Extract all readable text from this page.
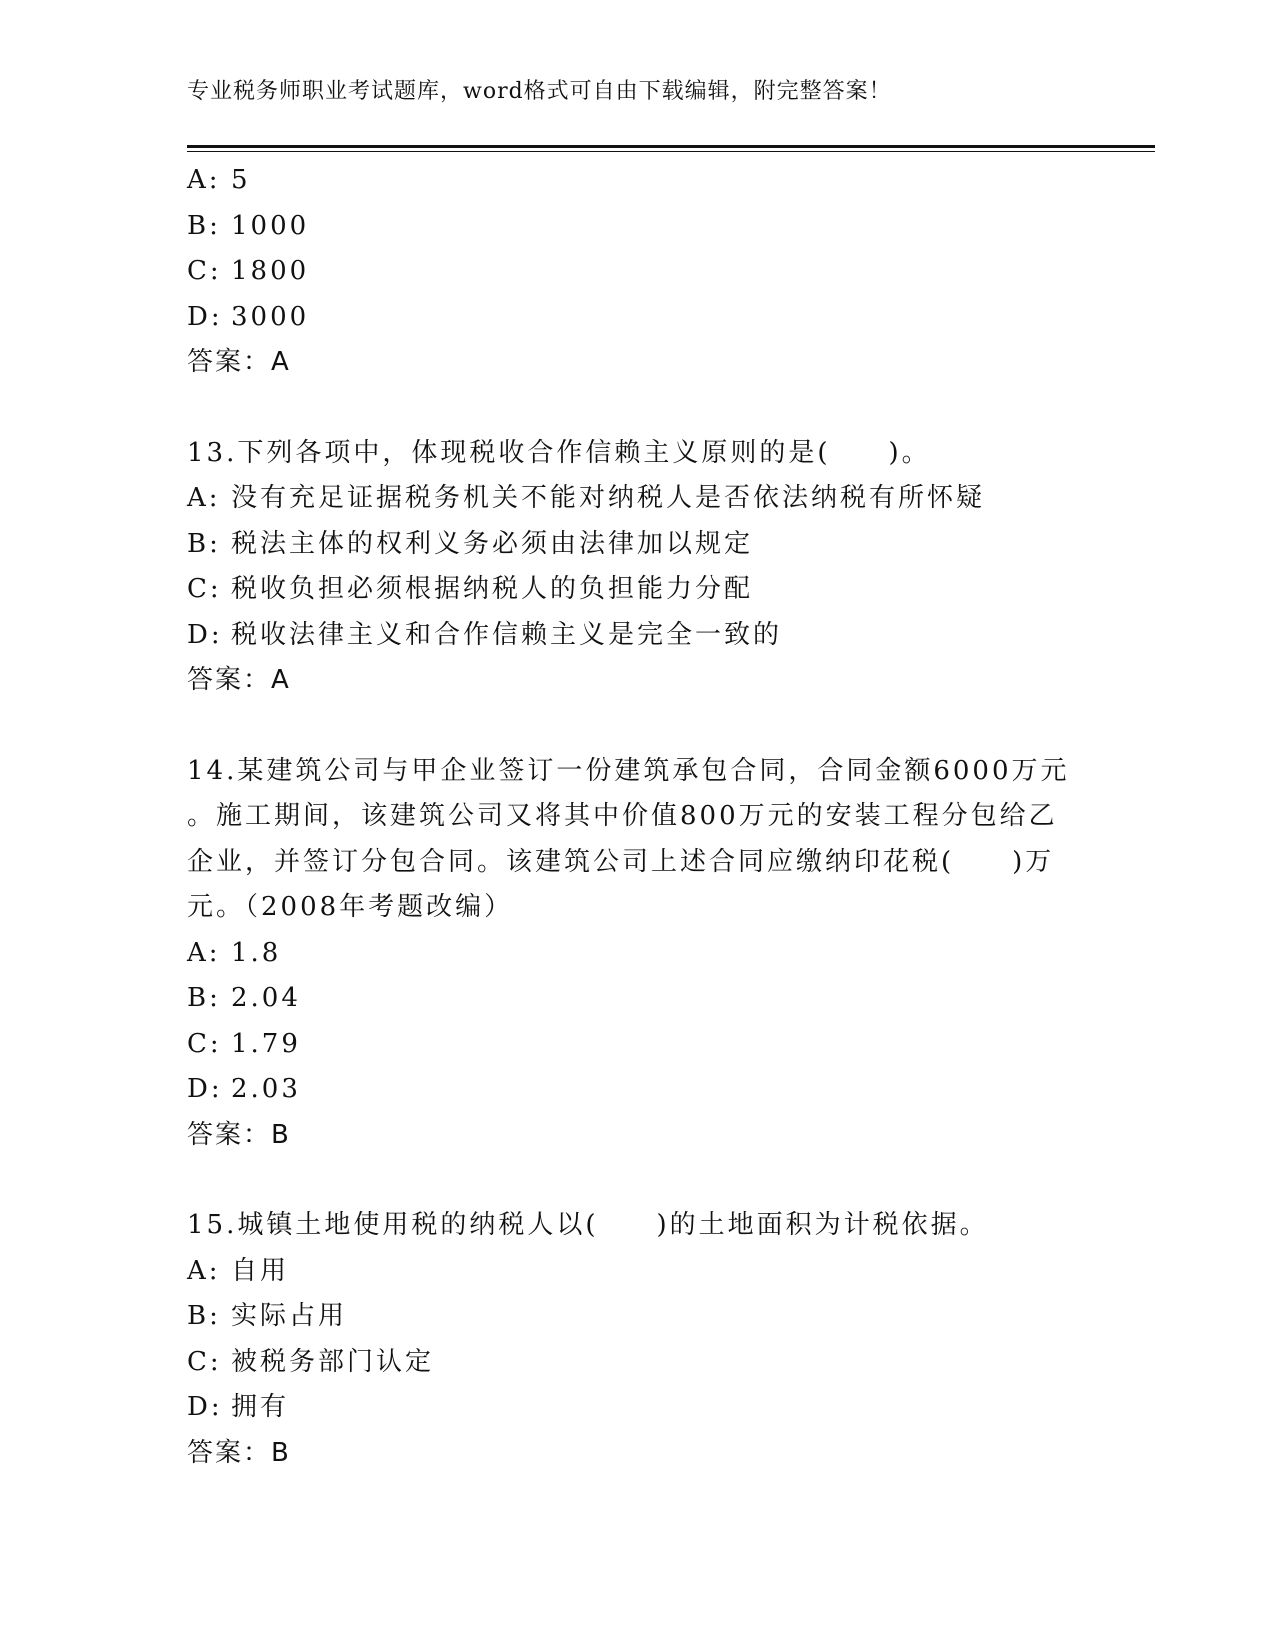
专业税务师职业考试题库，word格式可自由下载编辑，附完整答案！
A: 5
B: 1000
C: 1800
D: 3000
答案：A
13.下列各项中，体现税收合作信赖主义原则的是(　　)。
A: 没有充足证据税务机关不能对纳税人是否依法纳税有所怀疑
B: 税法主体的权利义务必须由法律加以规定
C: 税收负担必须根据纳税人的负担能力分配
D: 税收法律主义和合作信赖主义是完全一致的
答案：A
14.某建筑公司与甲企业签订一份建筑承包合同，合同金额6000万元
。施工期间，该建筑公司又将其中价值800万元的安装工程分包给乙
企业，并签订分包合同。该建筑公司上述合同应缴纳印花税(　　)万
元。（2008年考题改编）
A: 1.8
B: 2.04
C: 1.79
D: 2.03
答案：B
15.城镇土地使用税的纳税人以(　　)的土地面积为计税依据。
A: 自用
B: 实际占用
C: 被税务部门认定
D: 拥有
答案：B
